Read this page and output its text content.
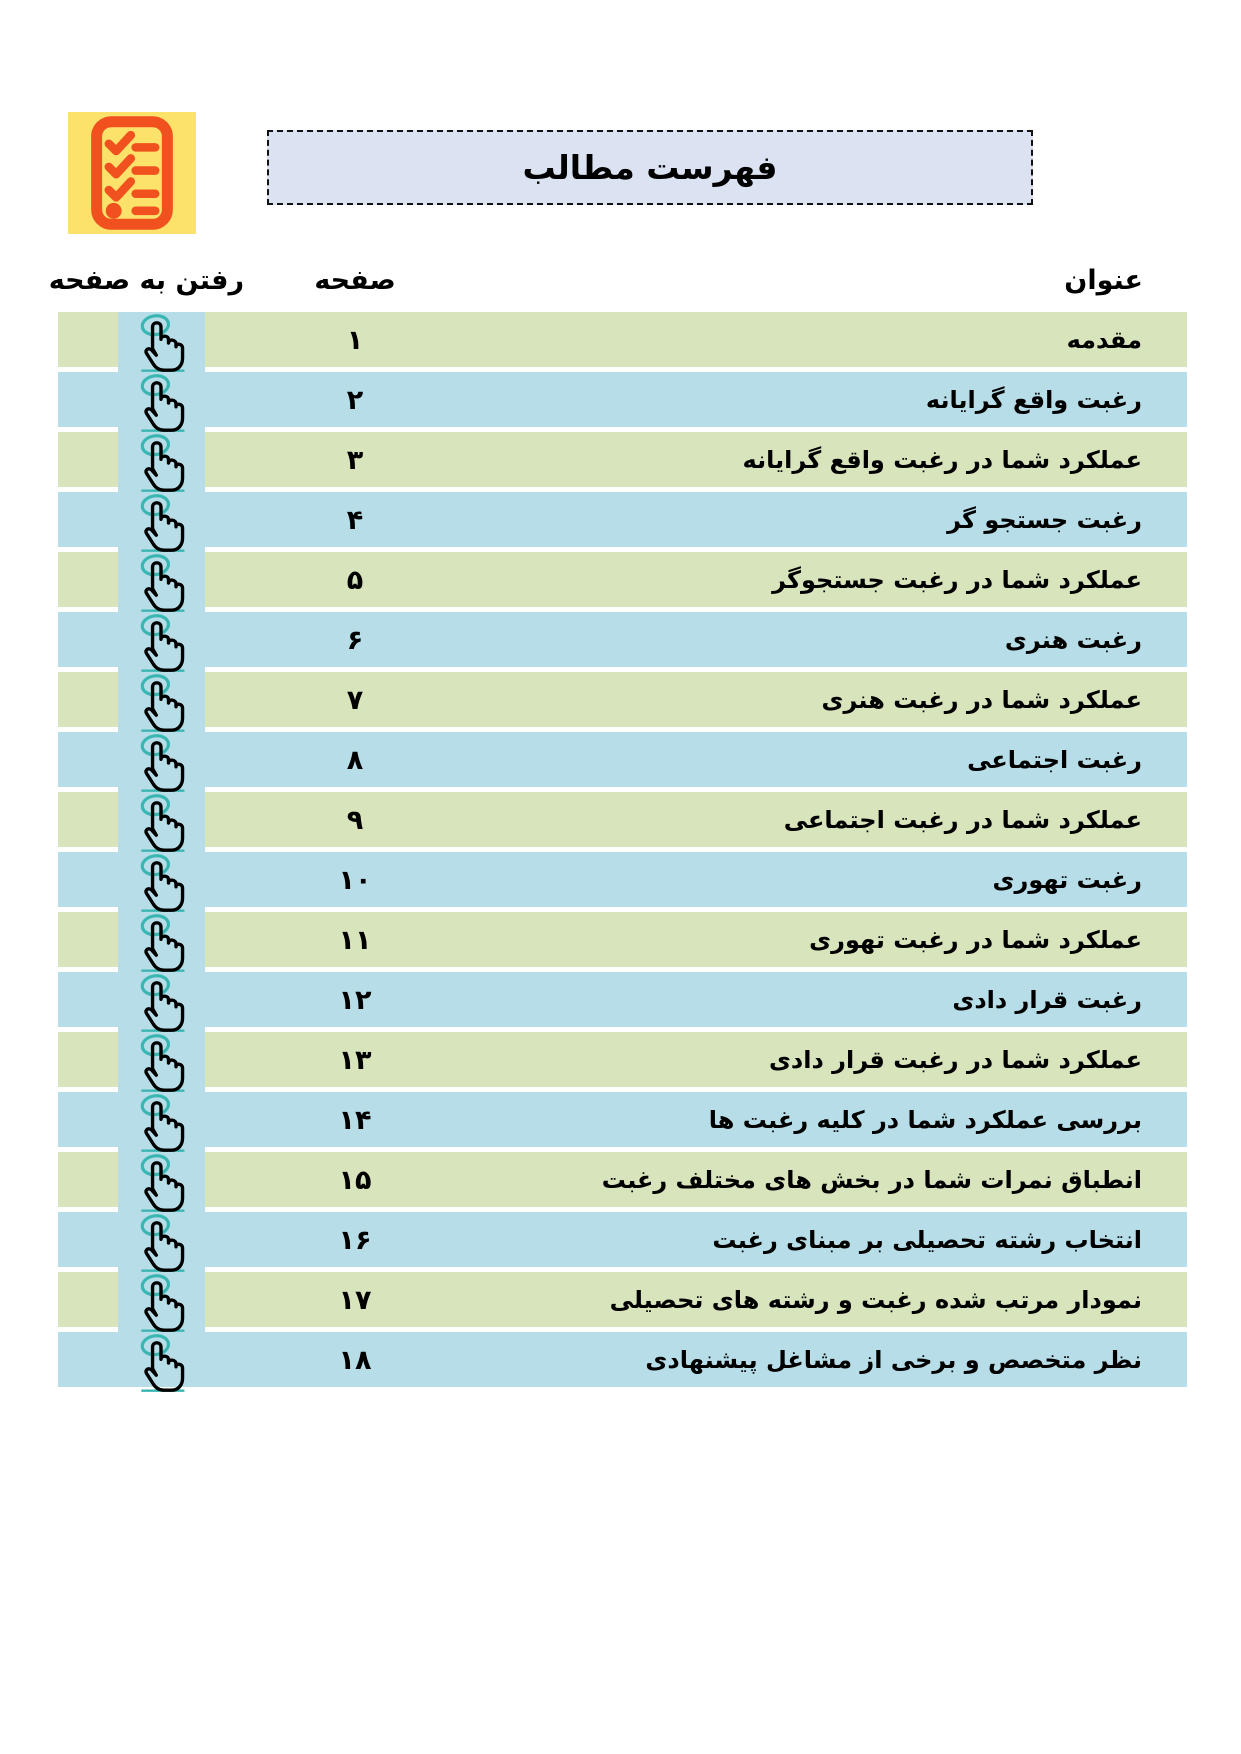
فهرست مطالب
عنوان
صفحه
رفتن به صفحه
مقدمه
۱
رغبت واقع گرایانه
۲
عملکرد شما در رغبت واقع گرایانه
۳
رغبت جستجو گر
۴
عملکرد شما در رغبت جستجوگر
۵
رغبت هنری
۶
عملکرد شما در رغبت هنری
۷
رغبت اجتماعی
۸
عملکرد شما در رغبت اجتماعی
۹
رغبت تهوری
۱۰
عملکرد شما در رغبت تهوری
۱۱
رغبت قرار دادی
۱۲
عملکرد شما در رغبت قرار دادی
۱۳
بررسی عملکرد شما در کلیه رغبت ها
۱۴
انطباق نمرات شما در بخش های مختلف رغبت
۱۵
انتخاب رشته تحصیلی بر مبنای رغبت
۱۶
نمودار مرتب شده رغبت و رشته های تحصیلی
۱۷
نظر متخصص و برخی از مشاغل پیشنهادی
۱۸
